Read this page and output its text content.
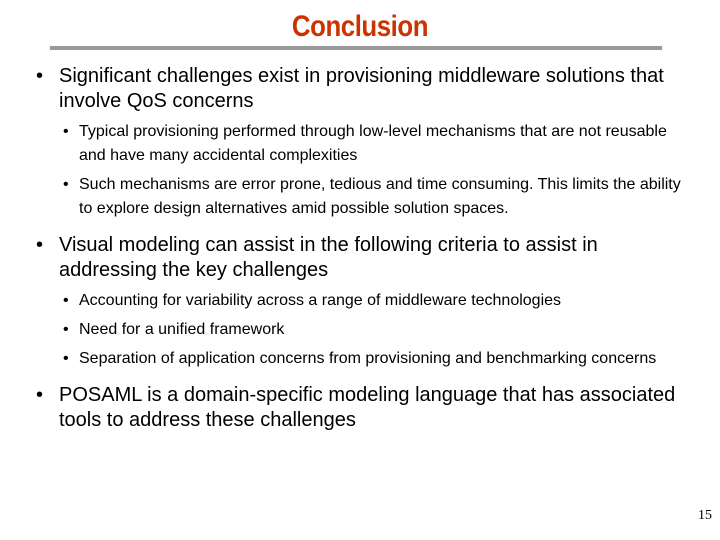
Conclusion

• Significant challenges exist in provisioning middleware solutions that involve QoS concerns

• Typical provisioning performed through low-level mechanisms that are not reusable and have many accidental complexities

• Such mechanisms are error prone, tedious and time consuming. This limits the ability to explore design alternatives amid possible solution spaces.

• Visual modeling can assist in the following criteria to assist in addressing the key challenges

• Accounting for variability across a range of middleware technologies

• Need for a unified framework

• Separation of application concerns from provisioning and benchmarking concerns

• POSAML is a domain-specific modeling language that has associated tools to address these challenges

15
